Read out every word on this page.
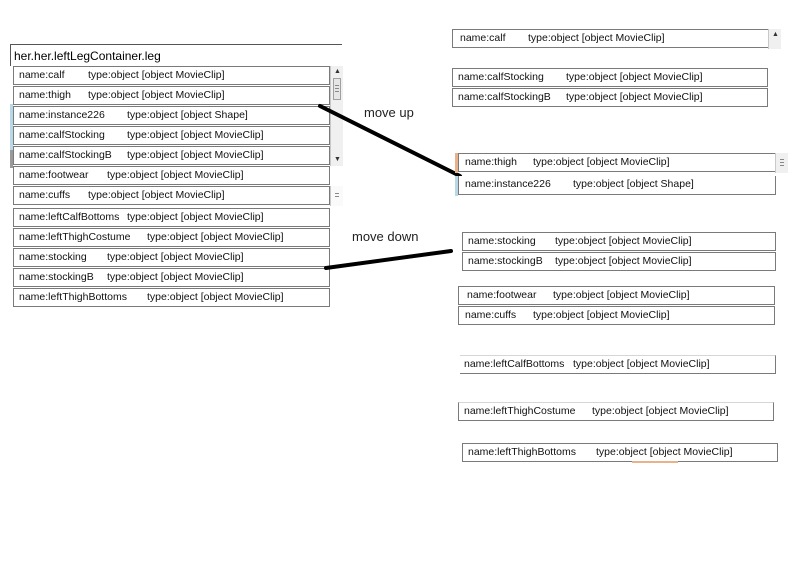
her.her.leftLegContainer.leg
name:calf type:object [object MovieClip]
name:thigh type:object [object MovieClip]
name:instance226 type:object [object Shape]
name:calfStocking type:object [object MovieClip]
name:calfStockingB type:object [object MovieClip]
▲
▼
name:footwear type:object [object MovieClip]
name:cuffs type:object [object MovieClip]
name:leftCalfBottoms type:object [object MovieClip]
name:leftThighCostume type:object [object MovieClip]
name:stocking type:object [object MovieClip]
name:stockingB type:object [object MovieClip]
name:leftThighBottoms type:object [object MovieClip]
move up
move down
name:calf type:object [object MovieClip]	▲
name:calfStocking type:object [object MovieClip]
name:calfStockingB type:object [object MovieClip]
name:thigh type:object [object MovieClip]
name:instance226 type:object [object Shape]
name:stocking type:object [object MovieClip]
name:stockingB type:object [object MovieClip]
name:footwear type:object [object MovieClip]
name:cuffs type:object [object MovieClip]
name:leftCalfBottoms type:object [object MovieClip]
name:leftThighCostume type:object [object MovieClip]
name:leftThighBottoms type:object [object MovieClip]
